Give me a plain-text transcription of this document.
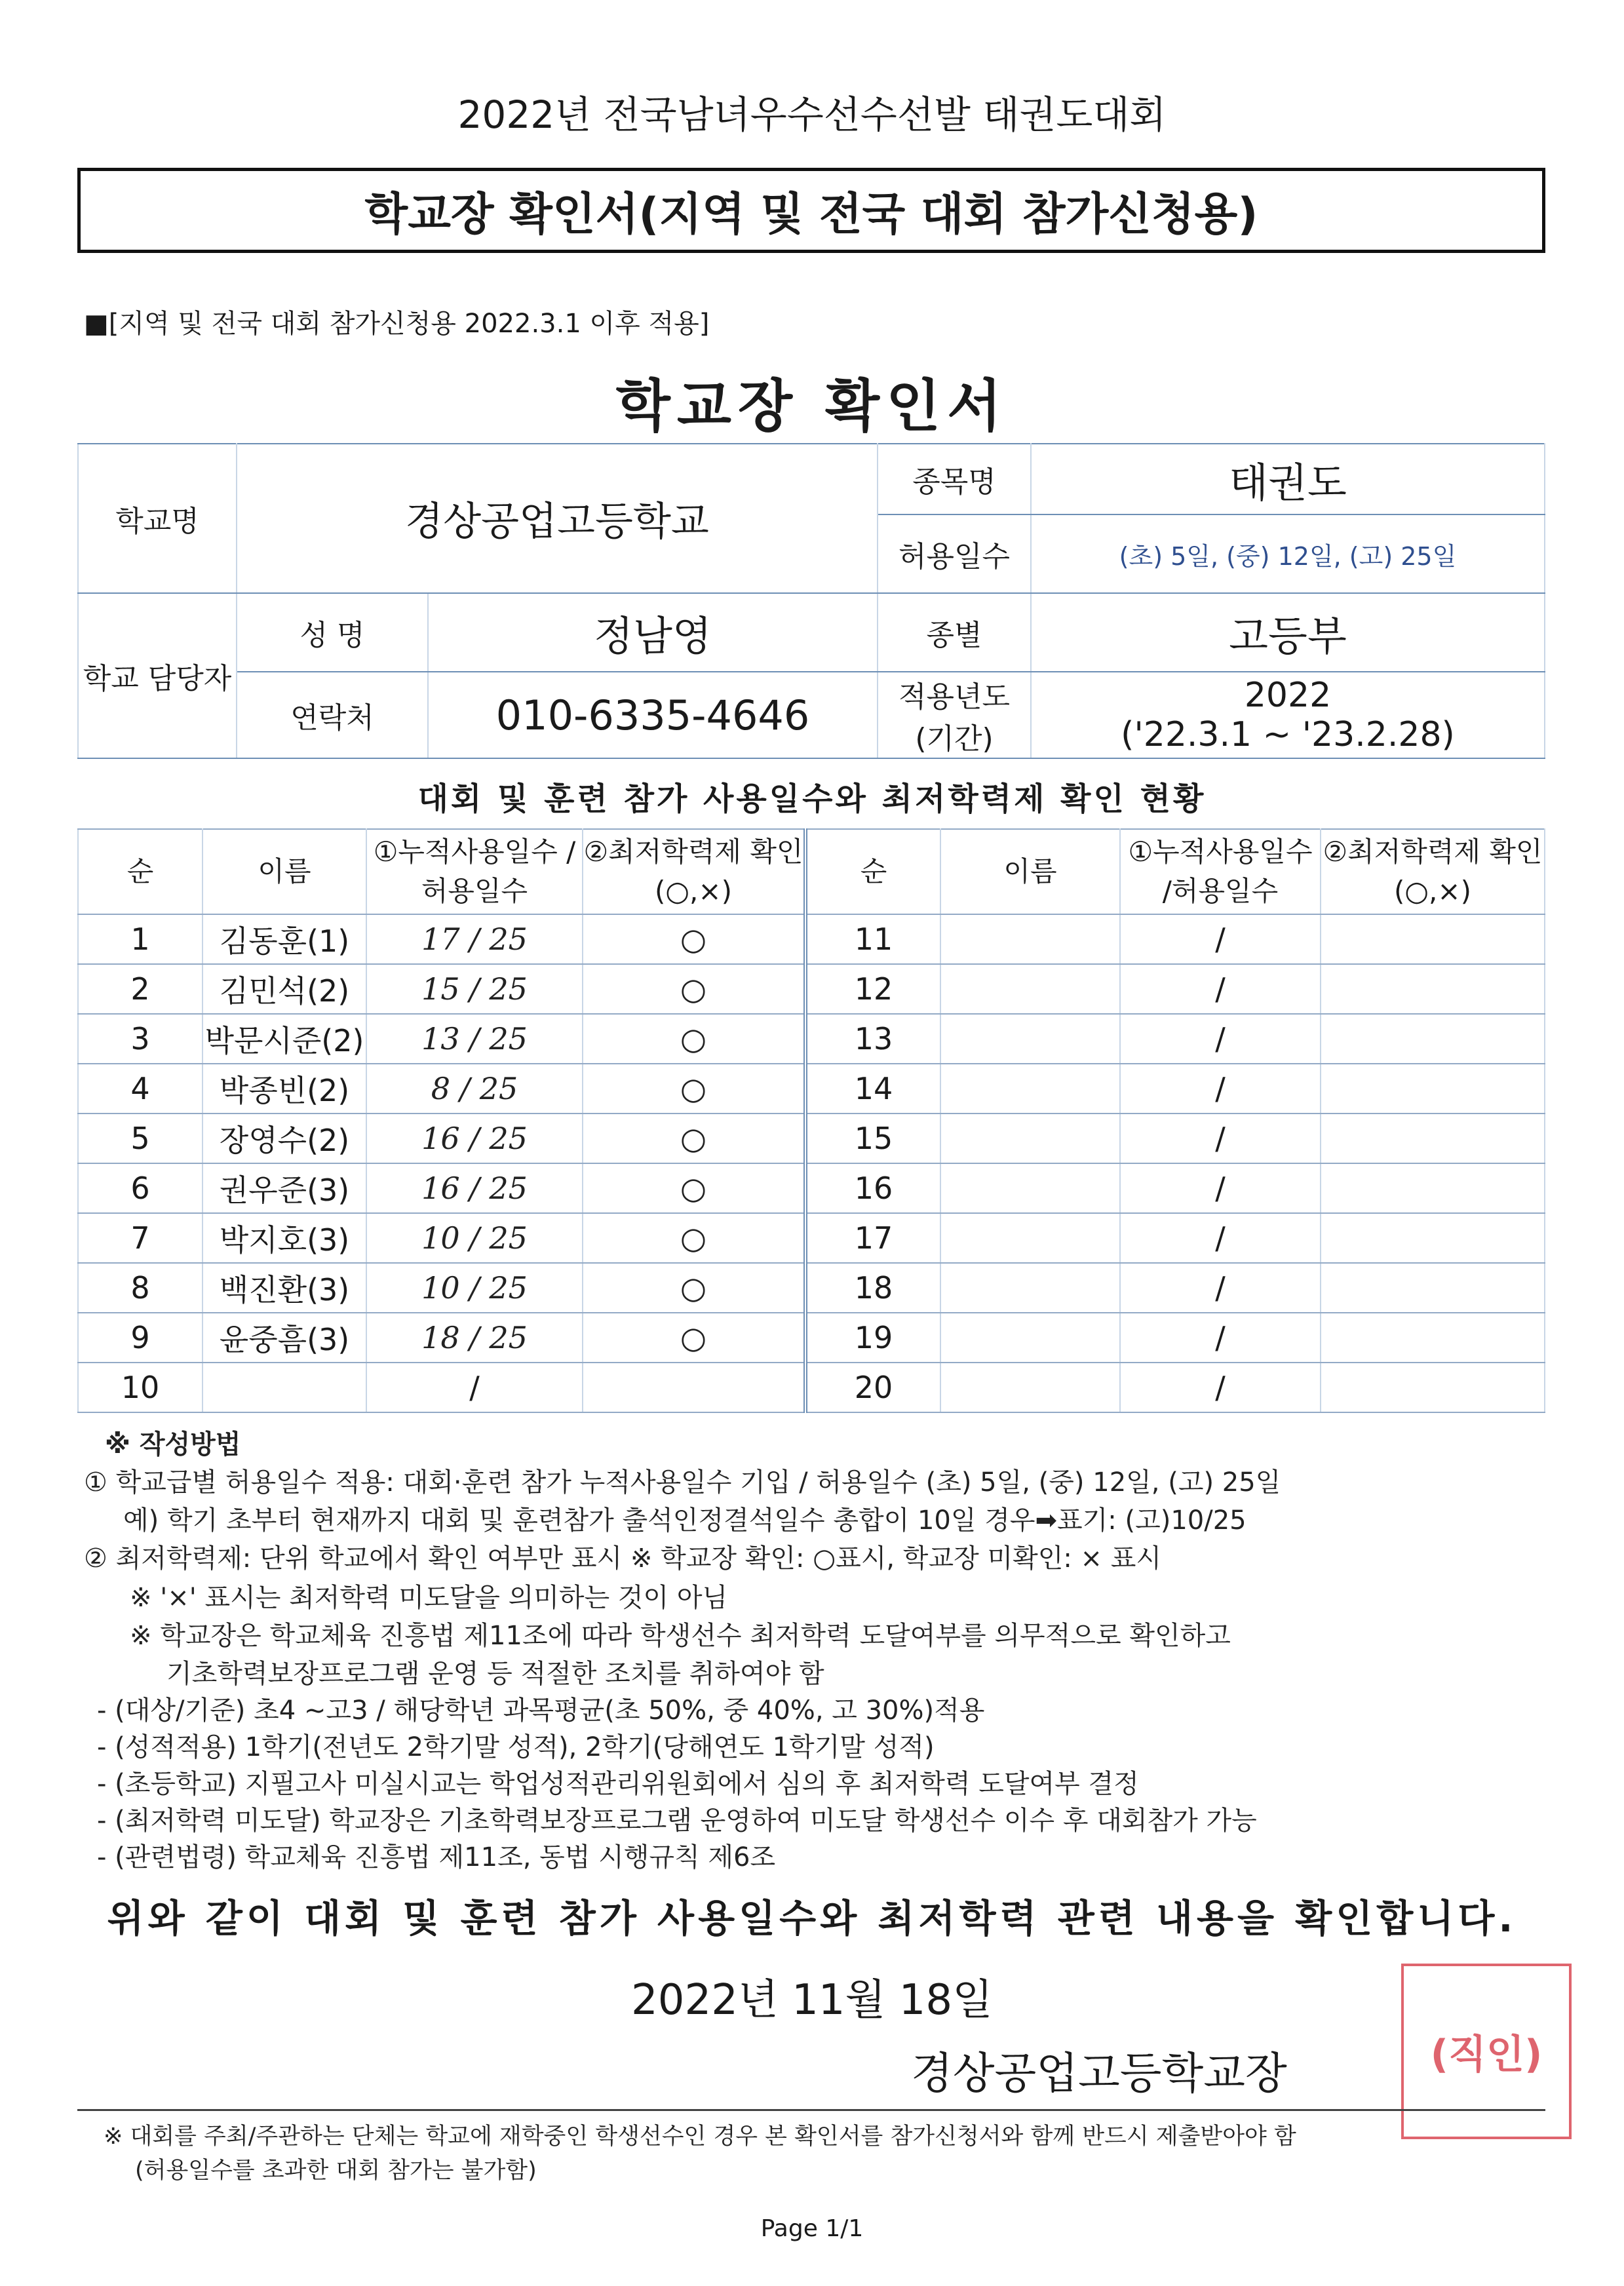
2022년 전국남녀우수선수선발 태권도대회
학교장 확인서(지역 및 전국 대회 참가신청용)
■[지역 및 전국 대회 참가신청용 2022.3.1 이후 적용]
학교장 확인서
학교명	경상공업고등학교		종목명	태권도
			허용일수	(초) 5일, (중) 12일, (고) 25일
학교 담당자	성 명	정남영	종별	고등부
	연락처	010-6335-4646	적용년도 (기간)	2022
('22.3.1 ~ '23.2.28)
대회 및 훈련 참가 사용일수와 최저학력제 확인 현황
순	이름	①누적사용일수 /허용일수	②최저학력제 확인(○,×)	순	이름	①누적사용일수 /허용일수	②최저학력제 확인(○,×)
1	김동훈(1)	17 / 25	○	11		/	
2	김민석(2)	15 / 25	○	12		/	
3	박문시준(2)	13 / 25	○	13		/	
4	박종빈(2)	8 / 25	○	14		/	
5	장영수(2)	16 / 25	○	15		/	
6	권우준(3)	16 / 25	○	16		/	
7	박지호(3)	10 / 25	○	17		/	
8	백진환(3)	10 / 25	○	18		/	
9	윤중흠(3)	18 / 25	○	19		/	
10		/		20		/	
※ 작성방법
① 학교급별 허용일수 적용: 대회·훈련 참가 누적사용일수 기입 / 허용일수 (초) 5일, (중) 12일, (고) 25일
예) 학기 초부터 현재까지 대회 및 훈련참가 출석인정결석일수 총합이 10일 경우➡표기: (고)10/25
② 최저학력제: 단위 학교에서 확인 여부만 표시 ※ 학교장 확인: ○표시, 학교장 미확인: × 표시
※ '×' 표시는 최저학력 미도달을 의미하는 것이 아님
※ 학교장은 학교체육 진흥법 제11조에 따라 학생선수 최저학력 도달여부를 의무적으로 확인하고
기초학력보장프로그램 운영 등 적절한 조치를 취하여야 함
- (대상/기준) 초4 ~고3 / 해당학년 과목평균(초 50%, 중 40%, 고 30%)적용
- (성적적용) 1학기(전년도 2학기말 성적), 2학기(당해연도 1학기말 성적)
- (초등학교) 지필고사 미실시교는 학업성적관리위원회에서 심의 후 최저학력 도달여부 결정
- (최저학력 미도달) 학교장은 기초학력보장프로그램 운영하여 미도달 학생선수 이수 후 대회참가 가능
- (관련법령) 학교체육 진흥법 제11조, 동법 시행규칙 제6조
위와 같이 대회 및 훈련 참가 사용일수와 최저학력 관련 내용을 확인합니다.
2022년 11월 18일
경상공업고등학교장	(직인)
※ 대회를 주최/주관하는 단체는 학교에 재학중인 학생선수인 경우 본 확인서를 참가신청서와 함께 반드시 제출받아야 함
(허용일수를 초과한 대회 참가는 불가함)
Page 1/1
